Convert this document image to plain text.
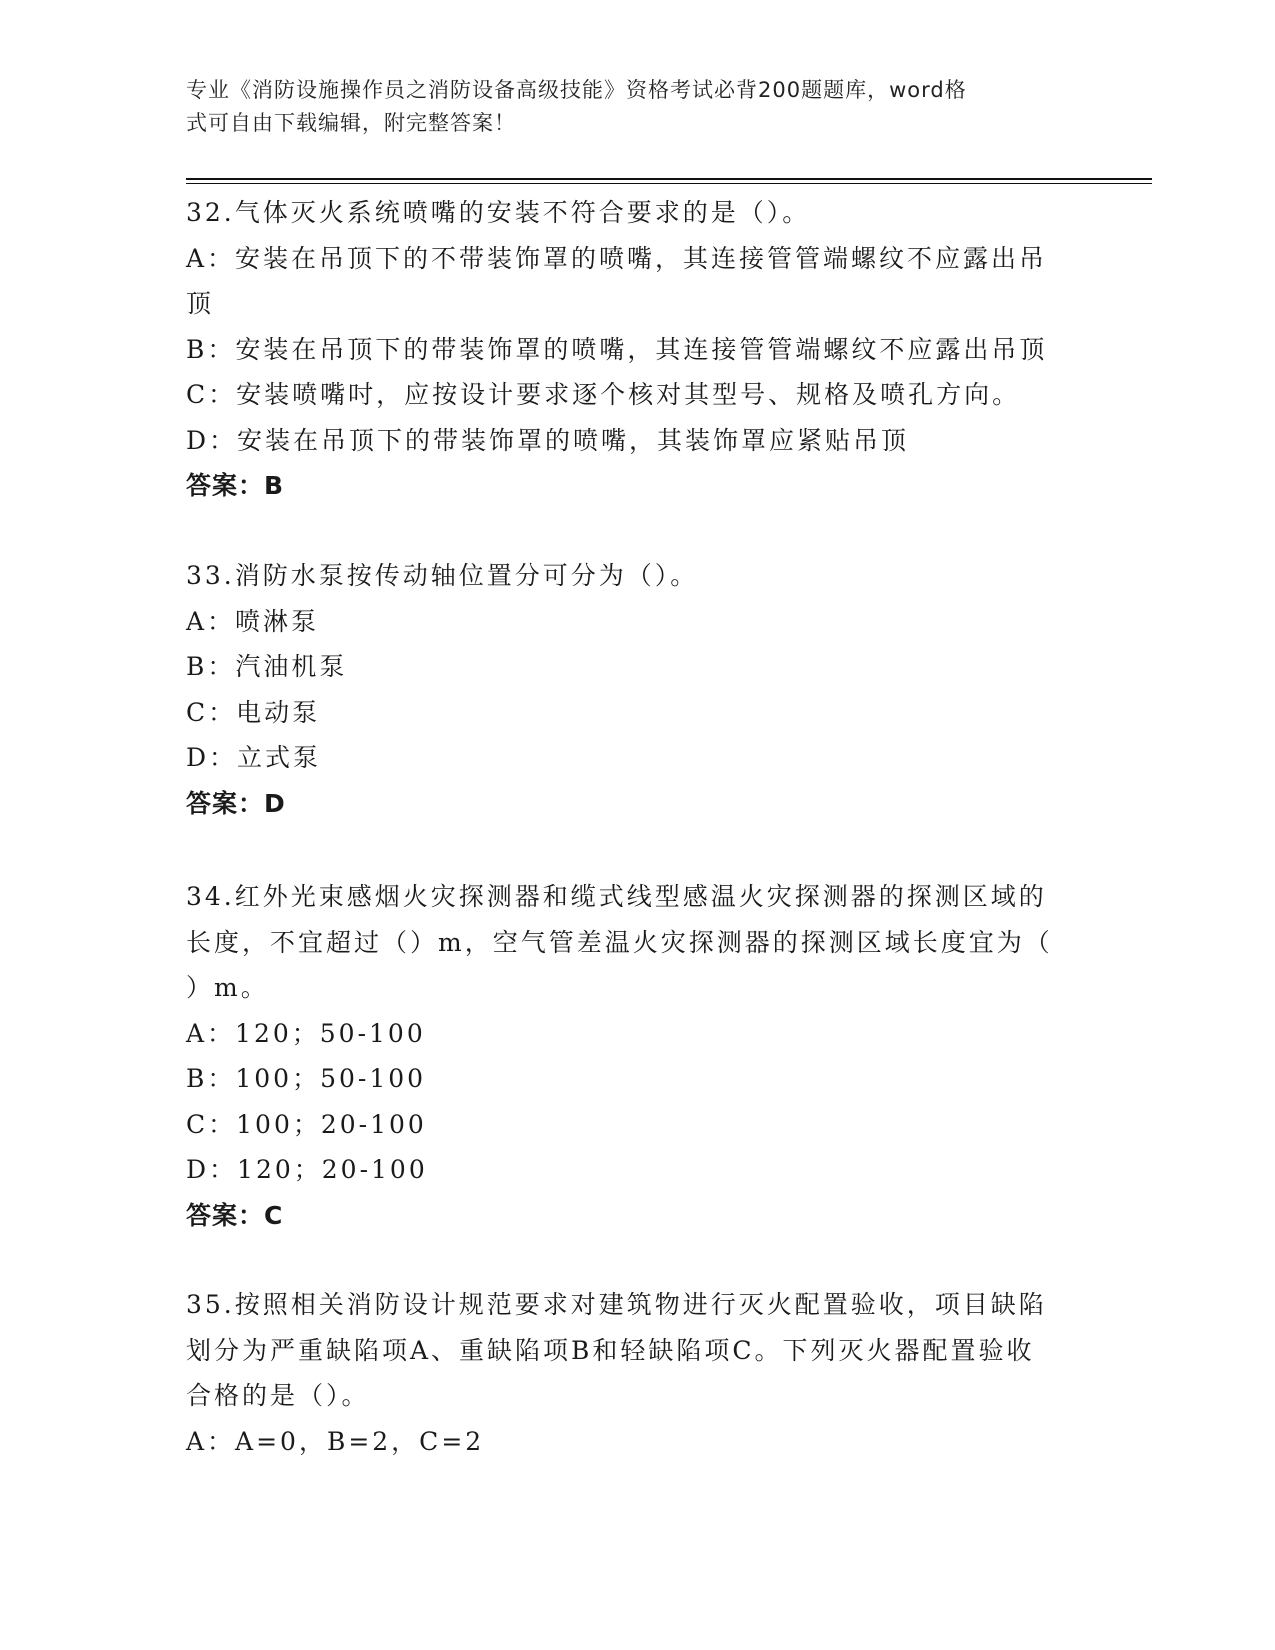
专业《消防设施操作员之消防设备高级技能》资格考试必背200题题库，word格
式可自由下载编辑，附完整答案！
32.气体灭火系统喷嘴的安装不符合要求的是（）。
A：安装在吊顶下的不带装饰罩的喷嘴，其连接管管端螺纹不应露出吊
顶
B：安装在吊顶下的带装饰罩的喷嘴，其连接管管端螺纹不应露出吊顶
C：安装喷嘴吋，应按设计要求逐个核对其型号、规格及喷孔方向。
D：安装在吊顶下的带装饰罩的喷嘴，其装饰罩应紧贴吊顶
答案：B
33.消防水泵按传动轴位置分可分为（）。
A：喷淋泵
B：汽油机泵
C：电动泵
D：立式泵
答案：D
34.红外光束感烟火灾探测器和缆式线型感温火灾探测器的探测区域的
长度，不宜超过（）m，空气管差温火灾探测器的探测区域长度宜为（
）m。
A：120；50-100
B：100；50-100
C：100；20-100
D：120；20-100
答案：C
35.按照相关消防设计规范要求对建筑物进行灭火配置验收，项目缺陷
划分为严重缺陷项A、重缺陷项B和轻缺陷项C。下列灭火器配置验收
合格的是（）。
A：A=0，B=2，C=2
